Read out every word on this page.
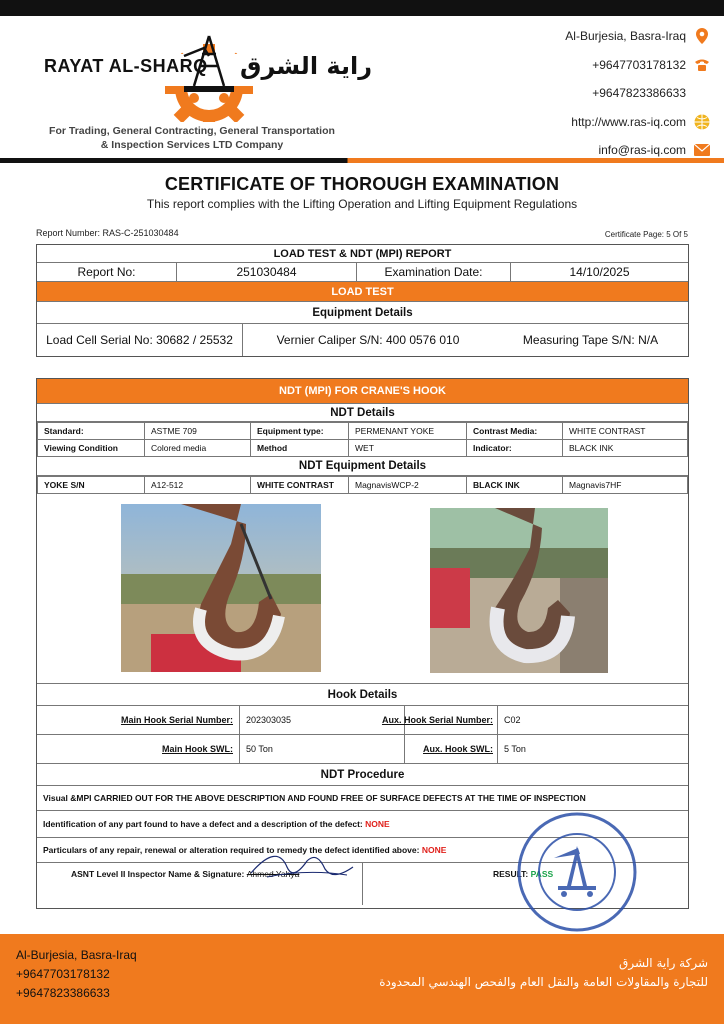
RAYAT AL-SHARQ راية الشرق
For Trading, General Contracting, General Transportation
& Inspection Services LTD Company
Al-Burjesia, Basra-Iraq
+9647703178132
+9647823386633
http://www.ras-iq.com
info@ras-iq.com
CERTIFICATE OF THOROUGH EXAMINATION
This report complies with the Lifting Operation and Lifting Equipment Regulations
Report Number: RAS-C-251030484	Certificate Page: 5 Of 5
LOAD TEST & NDT (MPI) REPORT
Report No:	251030484	Examination Date:	14/10/2025
LOAD TEST
Equipment Details
Load Cell Serial No: 30682 / 25532	Vernier Caliper S/N: 400 0576 010	Measuring Tape S/N: N/A
NDT (MPI) FOR CRANE'S HOOK
NDT Details
Standard:	ASTME 709	Equipment type:	PERMENANT YOKE	Contrast Media:	WHITE CONTRAST
Viewing Condition	Colored media	Method	WET	Indicator:	BLACK INK
NDT Equipment Details
YOKE S/N	A12-512	WHITE CONTRAST	MagnavisWCP-2	BLACK INK	Magnavis7HF
Hook Details
Main Hook Serial Number:	202303035	Aux. Hook Serial Number:	C02
Main Hook SWL:	50 Ton	Aux. Hook SWL:	5 Ton
NDT Procedure
Visual &MPI CARRIED OUT FOR THE ABOVE DESCRIPTION AND FOUND FREE OF SURFACE DEFECTS AT THE TIME OF INSPECTION
Identification of any part found to have a defect and a description of the defect:
NONE
Particulars of any repair, renewal or alteration required to remedy the defect identified above:
NONE
ASNT Level II Inspector Name & Signature:
Ahmed Yahya	RESULT:
PASS
Al-Burjesia, Basra-Iraq
+9647703178132
+9647823386633
شركة راية الشرق
للتجارة والمقاولات العامة والنقل العام والفحص الهندسي المحدودة
